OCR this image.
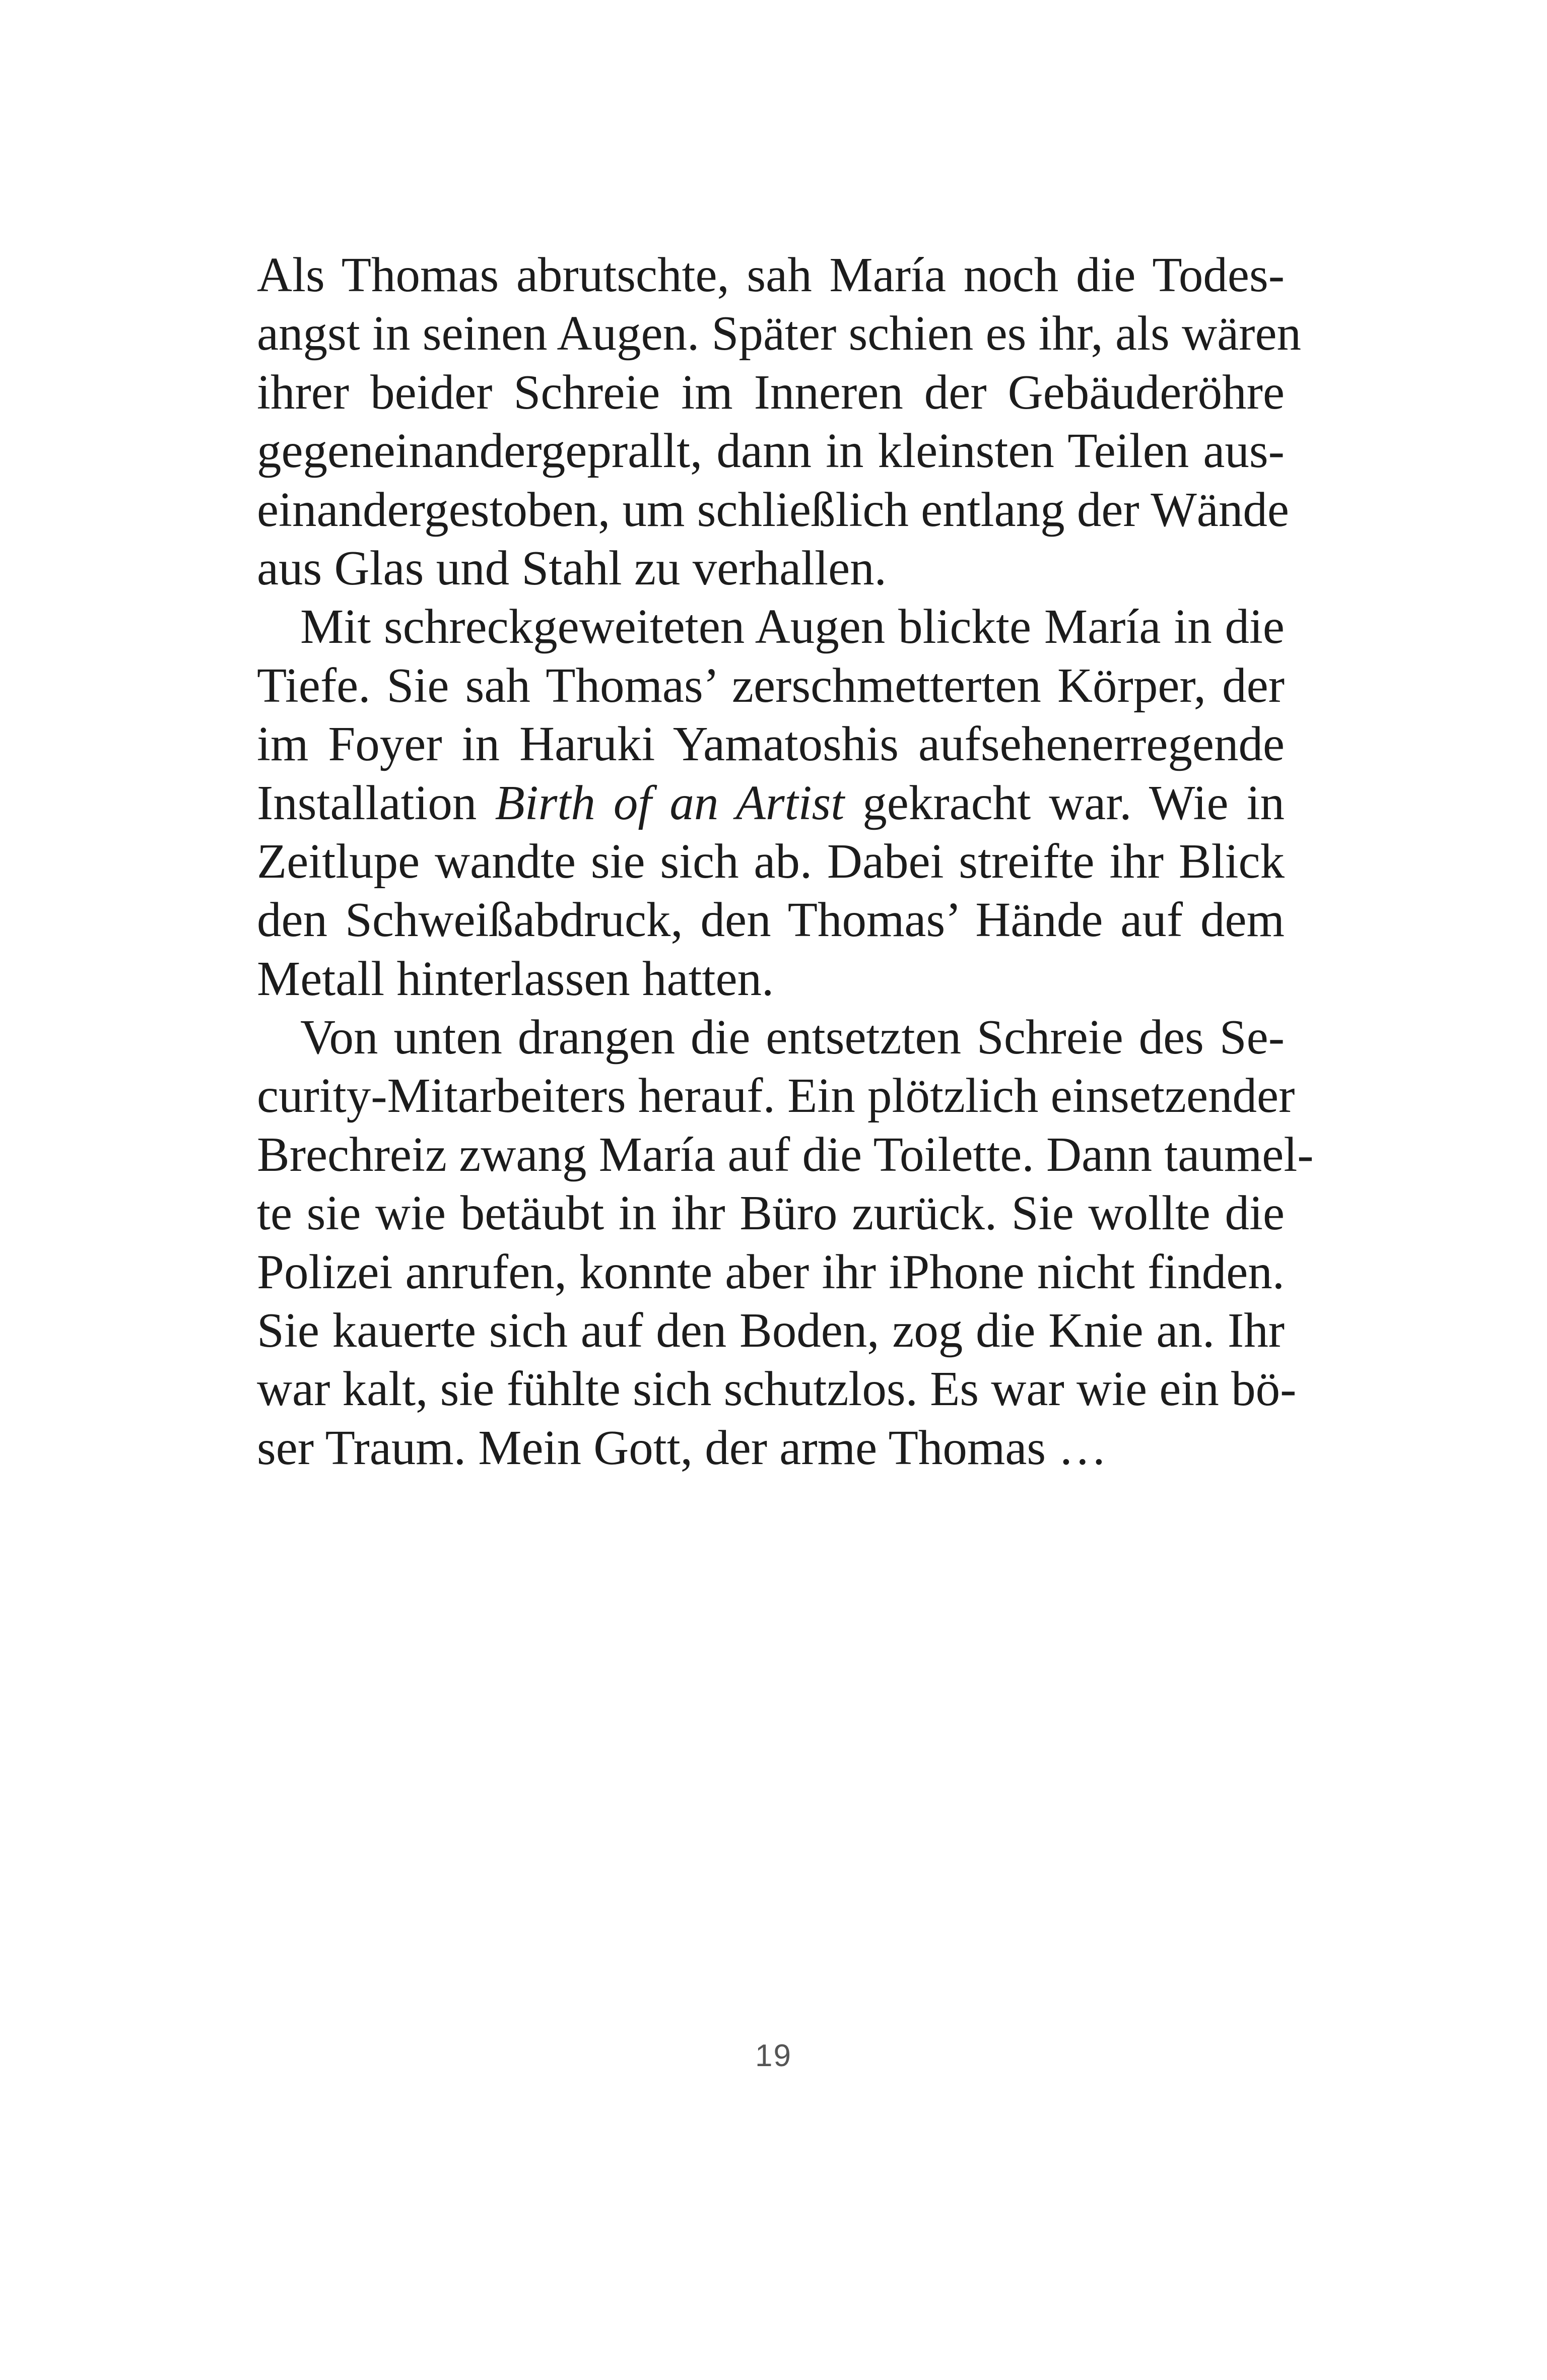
Als Thomas abrutschte, sah María noch die Todes-
angst in seinen Augen. Später schien es ihr, als wären
ihrer beider Schreie im Inneren der Gebäuderöhre
gegeneinandergeprallt, dann in kleinsten Teilen aus-
einandergestoben, um schließlich entlang der Wände
aus Glas und Stahl zu verhallen.
Mit schreckgeweiteten Augen blickte María in die
Tiefe. Sie sah Thomas’ zerschmetterten Körper, der
im Foyer in Haruki Yamatoshis aufsehenerregende
Installation Birth of an Artist gekracht war. Wie in
Zeitlupe wandte sie sich ab. Dabei streifte ihr Blick
den Schweißabdruck, den Thomas’ Hände auf dem
Metall hinterlassen hatten.
Von unten drangen die entsetzten Schreie des Se-
curity-Mitarbeiters herauf. Ein plötzlich einsetzender
Brechreiz zwang María auf die Toilette. Dann taumel-
te sie wie betäubt in ihr Büro zurück. Sie wollte die
Polizei anrufen, konnte aber ihr iPhone nicht finden.
Sie kauerte sich auf den Boden, zog die Knie an. Ihr
war kalt, sie fühlte sich schutzlos. Es war wie ein bö-
ser Traum. Mein Gott, der arme Thomas …
19
